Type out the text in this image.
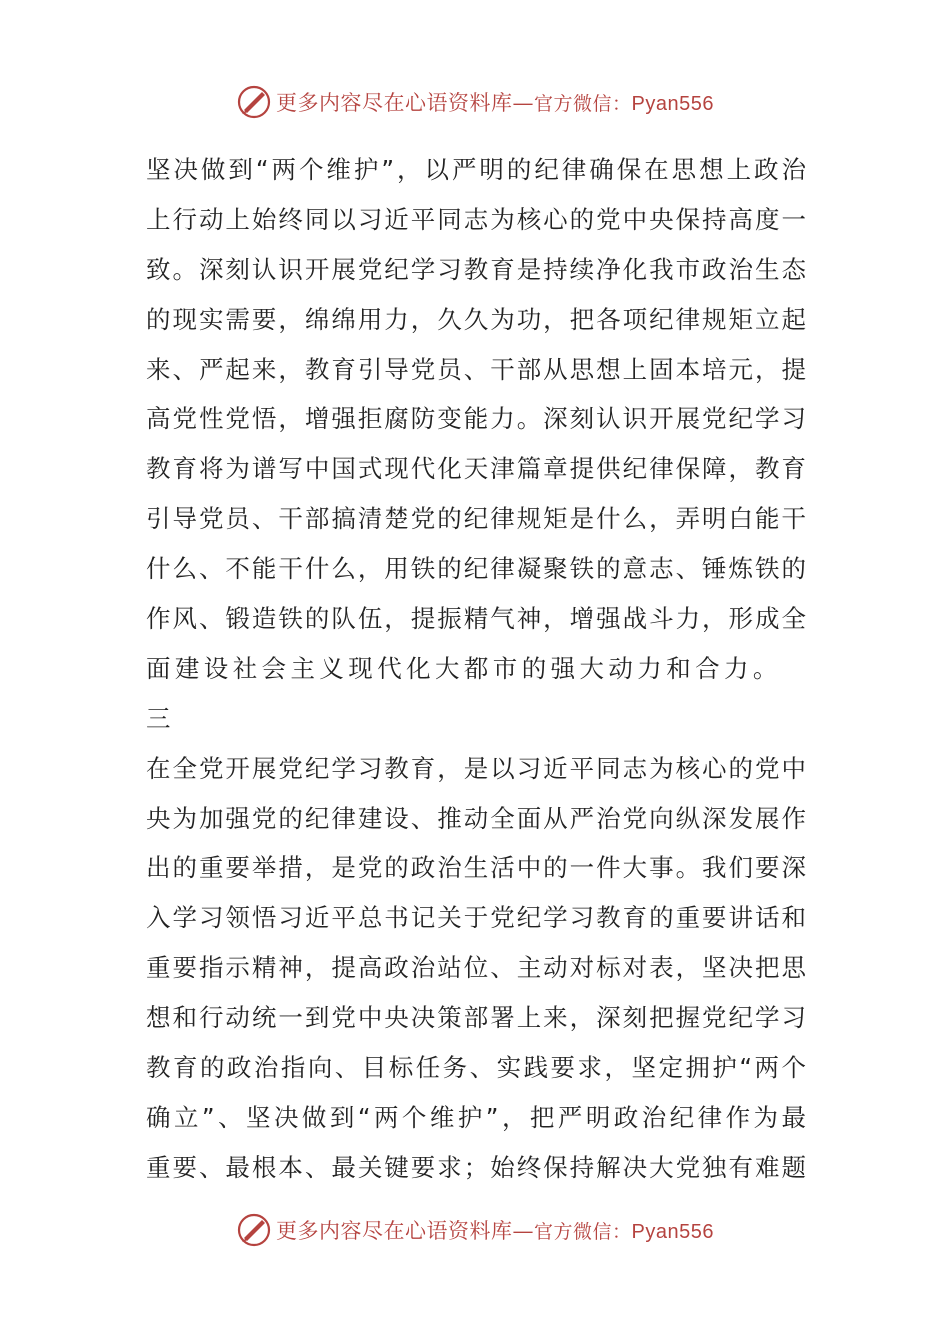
更多内容尽在心语资料库—官方微信：Pyan556
坚决做到“两个维护”，以严明的纪律确保在思想上政治
上行动上始终同以习近平同志为核心的党中央保持高度一
致。深刻认识开展党纪学习教育是持续净化我市政治生态
的现实需要，绵绵用力，久久为功，把各项纪律规矩立起
来、严起来，教育引导党员、干部从思想上固本培元，提
高党性党悟，增强拒腐防变能力。深刻认识开展党纪学习
教育将为谱写中国式现代化天津篇章提供纪律保障，教育
引导党员、干部搞清楚党的纪律规矩是什么，弄明白能干
什么、不能干什么，用铁的纪律凝聚铁的意志、锤炼铁的
作风、锻造铁的队伍，提振精气神，增强战斗力，形成全
面建设社会主义现代化大都市的强大动力和合力。
三
在全党开展党纪学习教育，是以习近平同志为核心的党中
央为加强党的纪律建设、推动全面从严治党向纵深发展作
出的重要举措，是党的政治生活中的一件大事。我们要深
入学习领悟习近平总书记关于党纪学习教育的重要讲话和
重要指示精神，提高政治站位、主动对标对表，坚决把思
想和行动统一到党中央决策部署上来，深刻把握党纪学习
教育的政治指向、目标任务、实践要求，坚定拥护“两个
确立”、坚决做到“两个维护”，把严明政治纪律作为最
重要、最根本、最关键要求；始终保持解决大党独有难题
更多内容尽在心语资料库—官方微信：Pyan556
